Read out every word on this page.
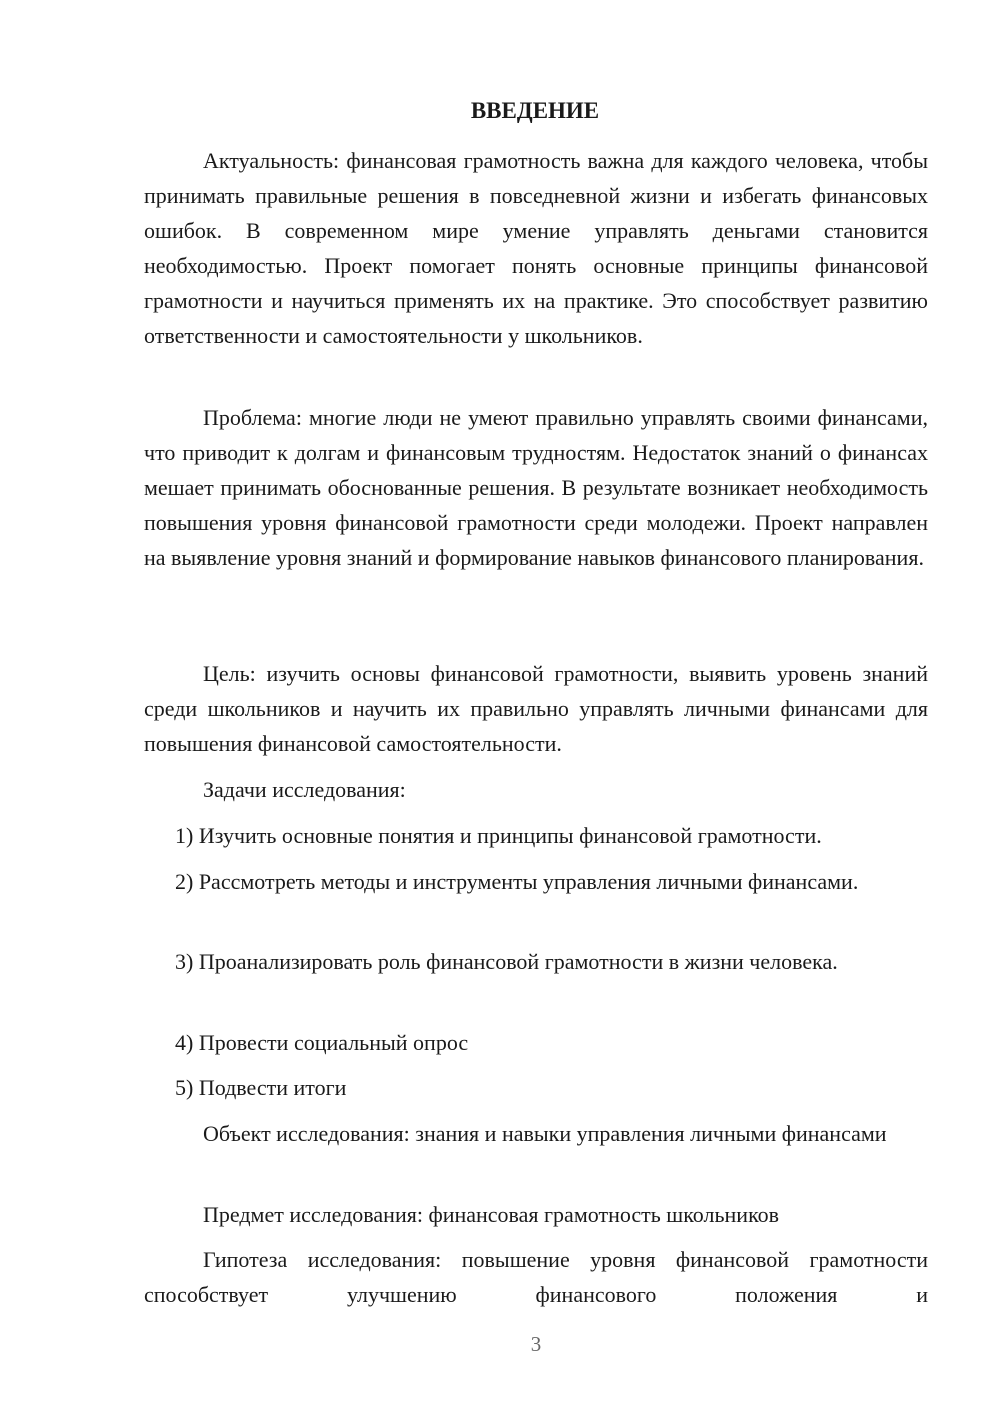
ВВЕДЕНИЕ

Актуальность: финансовая грамотность важна для каждого человека, чтобы принимать правильные решения в повседневной жизни и избегать финансовых ошибок. В современном мире умение управлять деньгами становится необходимостью. Проект помогает понять основные принципы финансовой грамотности и научиться применять их на практике. Это способствует развитию ответственности и самостоятельности у школьников.

Проблема: многие люди не умеют правильно управлять своими финансами, что приводит к долгам и финансовым трудностям. Недостаток знаний о финансах мешает принимать обоснованные решения. В результате возникает необходимость повышения уровня финансовой грамотности среди молодежи. Проект направлен на выявление уровня знаний и формирование навыков финансового планирования.

Цель: изучить основы финансовой грамотности, выявить уровень знаний среди школьников и научить их правильно управлять личными финансами для повышения финансовой самостоятельности.

Задачи исследования:

1) Изучить основные понятия и принципы финансовой грамотности.

2) Рассмотреть методы и инструменты управления личными финансами.

3) Проанализировать роль финансовой грамотности в жизни человека.

4) Провести социальный опрос

5) Подвести итоги

Объект исследования: знания и навыки управления личными финансами

Предмет исследования: финансовая грамотность школьников

Гипотеза исследования: повышение уровня финансовой грамотности способствует улучшению финансового положения и

3
